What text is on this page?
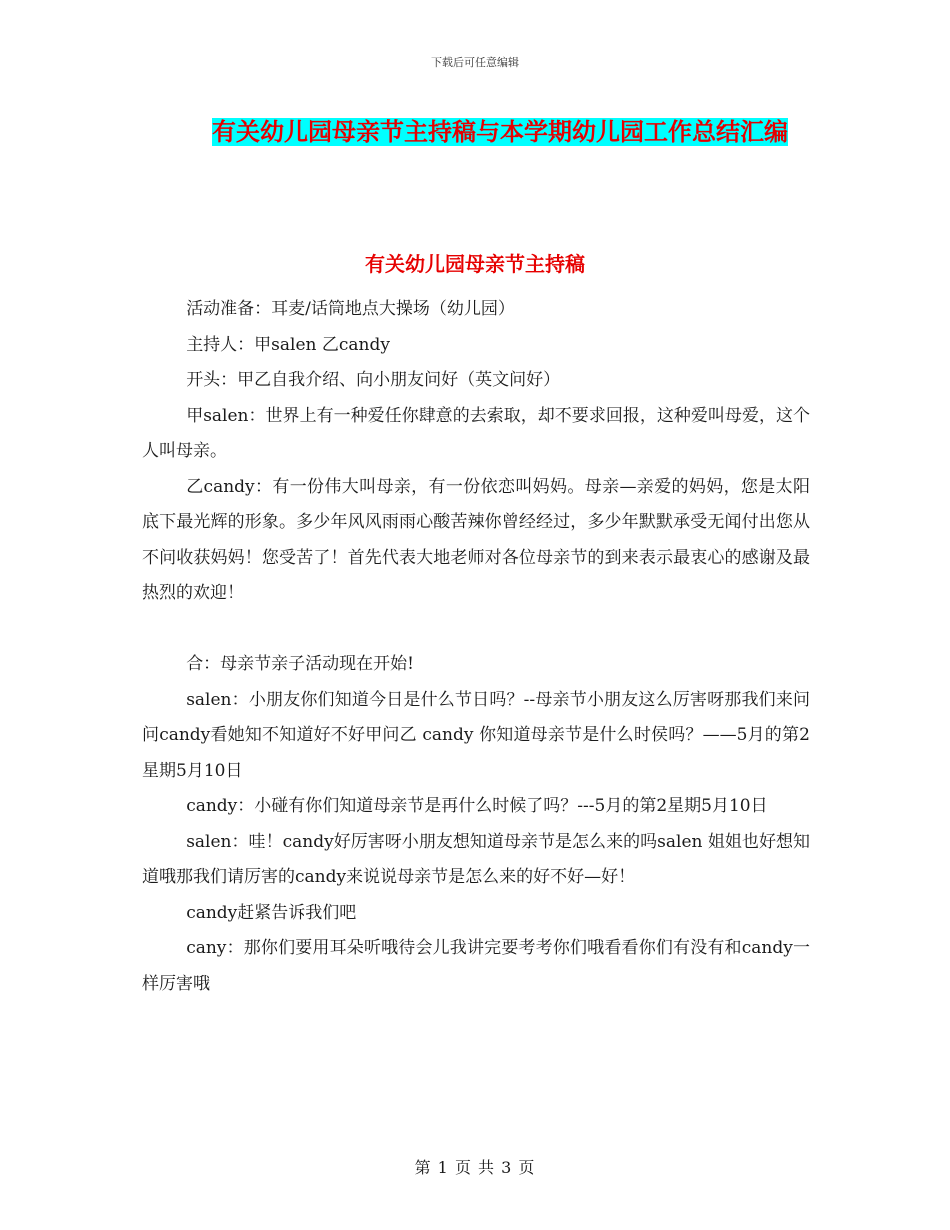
下载后可任意编辑
有关幼儿园母亲节主持稿与本学期幼儿园工作总结汇编
有关幼儿园母亲节主持稿

活动准备：耳麦/话筒地点大操场（幼儿园）

主持人：甲salen 乙candy

开头：甲乙自我介绍、向小朋友问好（英文问好）

甲salen：世界上有一种爱任你肆意的去索取，却不要求回报，这种爱叫母爱，这个人叫母亲。

乙candy：有一份伟大叫母亲，有一份依恋叫妈妈。母亲—亲爱的妈妈，您是太阳底下最光辉的形象。多少年风风雨雨心酸苦辣你曾经经过，多少年默默承受无闻付出您从不问收获妈妈！您受苦了！首先代表大地老师对各位母亲节的到来表示最衷心的感谢及最热烈的欢迎！

合：母亲节亲子活动现在开始!

salen：小朋友你们知道今日是什么节日吗？--母亲节小朋友这么厉害呀那我们来问问candy看她知不知道好不好甲问乙 candy 你知道母亲节是什么时侯吗？——5月的第2星期5月10日

candy：小碰有你们知道母亲节是再什么时候了吗？---5月的第2星期5月10日

salen：哇！candy好厉害呀小朋友想知道母亲节是怎么来的吗salen 姐姐也好想知道哦那我们请厉害的candy来说说母亲节是怎么来的好不好—好！

candy赶紧告诉我们吧

cany：那你们要用耳朵听哦待会儿我讲完要考考你们哦看看你们有没有和candy一样厉害哦

第 1 页 共 3 页
